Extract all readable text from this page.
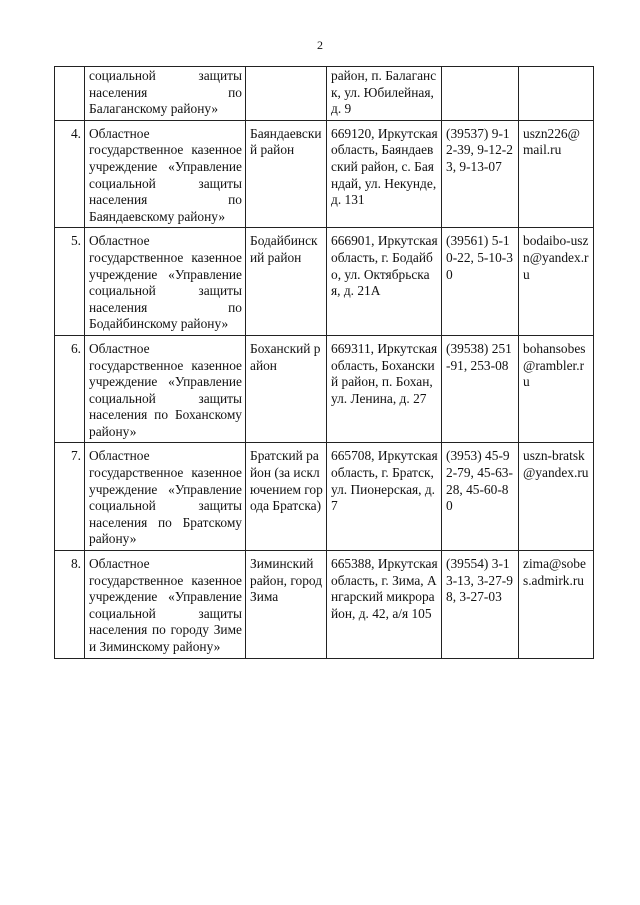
2
	социальной защиты населения по Балаганскому району»		район, п. Балаганск, ул. Юбилейная, д. 9		
4.	Областное государственное казенное учреждение «Управление социальной защиты населения по Баяндаевскому району»	Баяндаевский район	669120, Иркутская область, Баяндаевский район, с. Баяндай, ул. Некунде, д. 131	(39537) 9-12-39, 9-12-23, 9-13-07	uszn226@mail.ru
5.	Областное государственное казенное учреждение «Управление социальной защиты населения по Бодайбинскому району»	Бодайбинский район	666901, Иркутская область, г. Бодайбо, ул. Октябрьская, д. 21А	(39561) 5-10-22, 5-10-30	bodaibo-uszn@yandex.ru
6.	Областное государственное казенное учреждение «Управление социальной защиты населения по Боханскому району»	Боханский район	669311, Иркутская область, Боханский район, п. Бохан, ул. Ленина, д. 27	(39538) 251-91, 253-08	bohansobes@rambler.ru
7.	Областное государственное казенное учреждение «Управление социальной защиты населения по Братскому району»	Братский район (за исключением города Братска)	665708, Иркутская область, г. Братск, ул. Пионерская, д. 7	(3953) 45-92-79, 45-63-28, 45-60-80	uszn-bratsk@yandex.ru
8.	Областное государственное казенное учреждение «Управление социальной защиты населения по городу Зиме и Зиминскому району»	Зиминский район, город Зима	665388, Иркутская область, г. Зима, Ангарский микрорайон, д. 42, а/я 105	(39554) 3-13-13, 3-27-98, 3-27-03	zima@sobes.admirk.ru
